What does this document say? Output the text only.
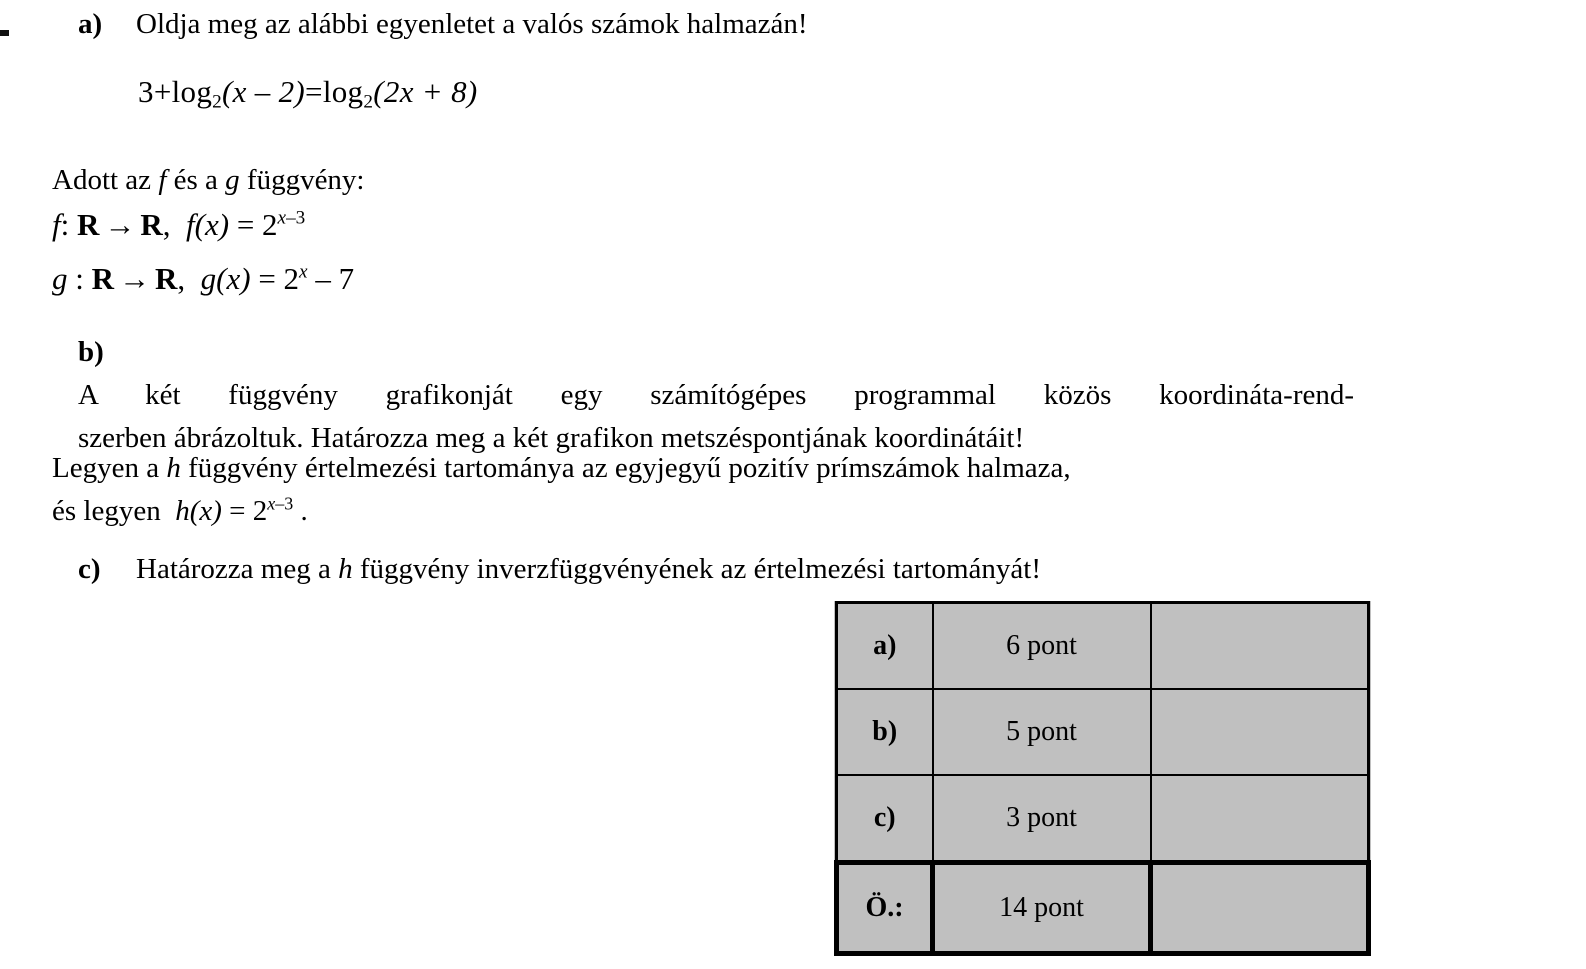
a) Oldja meg az alábbi egyenletet a valós számok halmazán!
$3+\log_2(x - 2)=\log_2(2x + 8)$
Adott az f és a g függvény:
f: R → R, $f(x) = 2^{x-3}$
g : R → R, $g(x) = 2^x - 7$
b)
A két függvény grafikonját egy számítógépes programmal közös koordináta-rend-
szerben ábrázoltuk. Határozza meg a két grafikon metszéspontjának koordinátáit!
Legyen a h függvény értelmezési tartománya az egyjegyű pozitív prímszámok halmaza,
és legyen  $h(x) = 2^{x-3}$ .
c) Határozza meg a h függvény inverzfüggvényének az értelmezési tartományát!
a)	6 pont	
b)	5 pont	
c)	3 pont	
Ö.:	14 pont	
